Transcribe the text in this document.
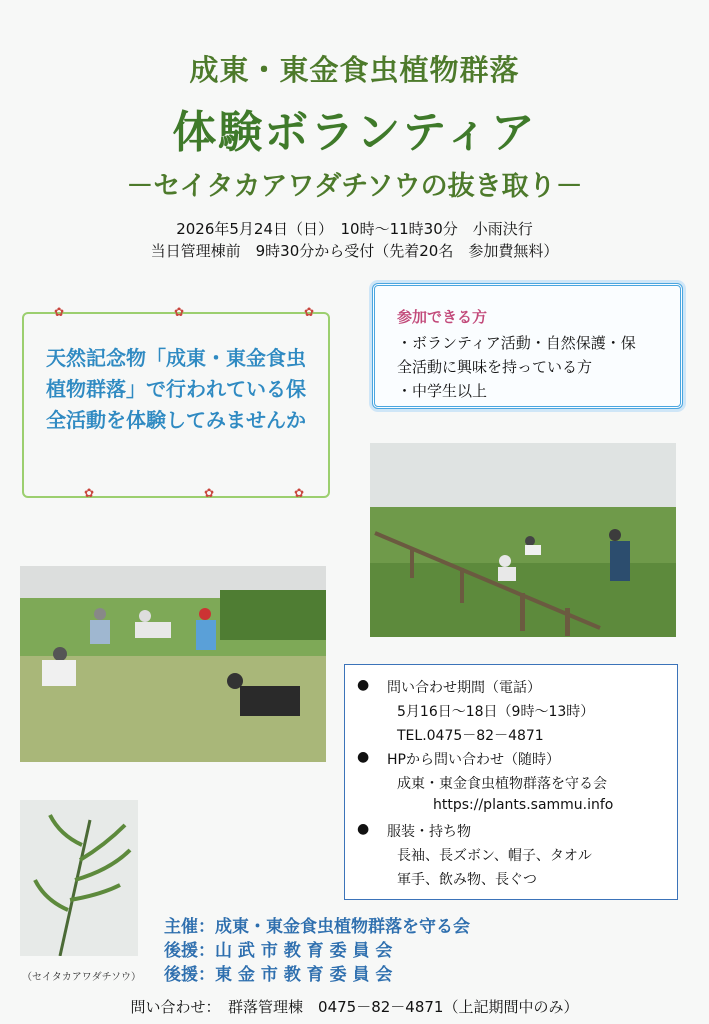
成東・東金食虫植物群落
体験ボランティア
－セイタカアワダチソウの抜き取り－
2026年5月24日（日）　10時～11時30分　小雨決行
当日管理棟前　9時30分から受付（先着20名　参加費無料）
✿	✿	✿
✿	✿	✿
天然記念物「成東・東金食虫植物群落」で行われている保全活動を体験してみませんか
参加できる方
・ボランティア活動・自然保護・保
全活動に興味を持っている方
・中学生以上
● 問い合わせ期間（電話）
5月16日～18日（9時～13時）
TEL.0475－82－4871
● HPから問い合わせ（随時）
成東・東金食虫植物群落を守る会
https://plants.sammu.info
● 服装・持ち物
長袖、長ズボン、帽子、タオル
軍手、飲み物、長ぐつ
（セイタカアワダチソウ）
主催：成東・東金食虫植物群落を守る会
後援：山 武 市 教 育 委 員 会
後援：東 金 市 教 育 委 員 会
問い合わせ：　群落管理棟　0475－82－4871（上記期間中のみ）
